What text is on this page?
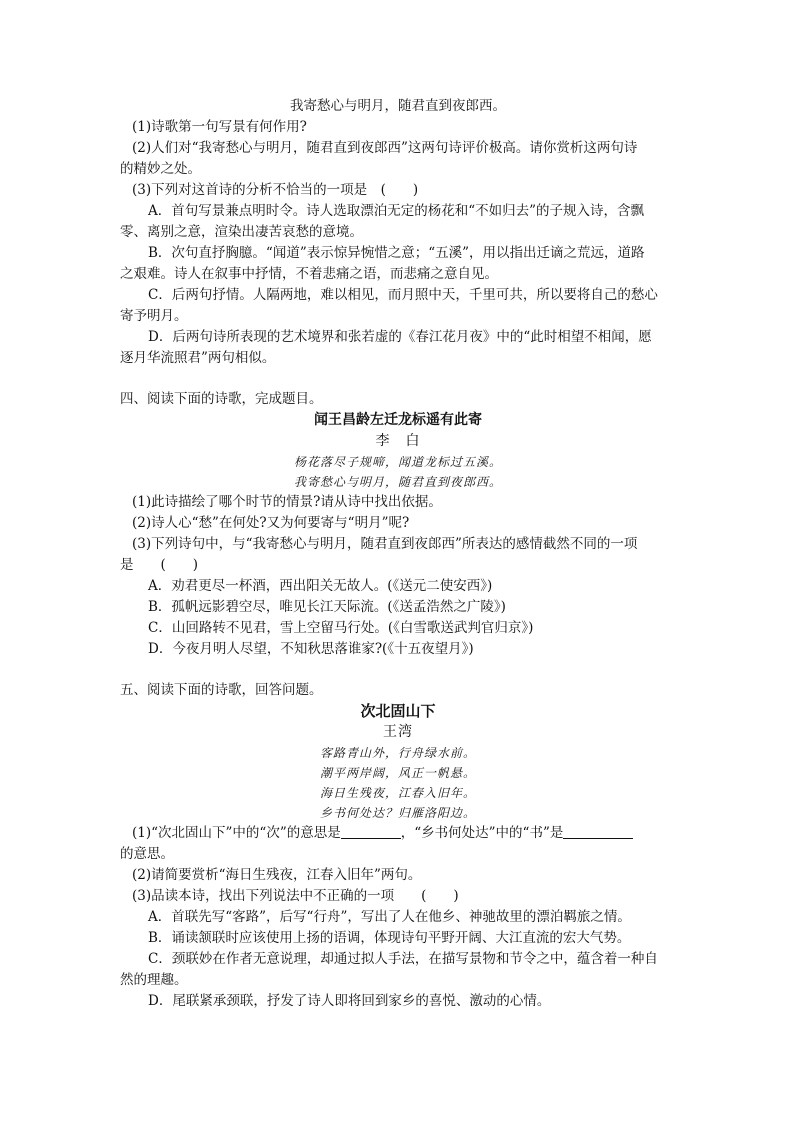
我寄愁心与明月，随君直到夜郎西。
(1)诗歌第一句写景有何作用?
(2)人们对“我寄愁心与明月，随君直到夜郎西”这两句诗评价极高。请你赏析这两句诗
的精妙之处。
(3)下列对这首诗的分析不恰当的一项是　(　　)
A．首句写景兼点明时令。诗人选取漂泊无定的杨花和“不如归去”的子规入诗，含飘
零、离别之意，渲染出凄苦哀愁的意境。
B．次句直抒胸臆。“闻道”表示惊异惋惜之意；“五溪”，用以指出迁谪之荒远，道路
之艰难。诗人在叙事中抒情，不着悲痛之语，而悲痛之意自见。
C．后两句抒情。人隔两地，难以相见，而月照中天，千里可共，所以要将自己的愁心
寄予明月。
D．后两句诗所表现的艺术境界和张若虚的《春江花月夜》中的“此时相望不相闻，愿
逐月华流照君”两句相似。
四、阅读下面的诗歌，完成题目。
闻王昌龄左迁龙标遥有此寄
李　白
杨花落尽子规啼，闻道龙标过五溪。
我寄愁心与明月，随君直到夜郎西。
(1)此诗描绘了哪个时节的情景?请从诗中找出依据。
(2)诗人心“愁”在何处?又为何要寄与“明月”呢?
(3)下列诗句中，与“我寄愁心与明月，随君直到夜郎西”所表达的感情截然不同的一项
是　　(　　)
A．劝君更尽一杯酒，西出阳关无故人。(《送元二使安西》)
B．孤帆远影碧空尽，唯见长江天际流。(《送孟浩然之广陵》)
C．山回路转不见君，雪上空留马行处。(《白雪歌送武判官归京》)
D．今夜月明人尽望，不知秋思落谁家?(《十五夜望月》)
五、阅读下面的诗歌，回答问题。
次北固山下
王湾
客路青山外，行舟绿水前。
潮平两岸阔，风正一帆悬。
海日生残夜，江春入旧年。
乡书何处达？归雁洛阳边。
(1)“次北固山下”中的“次”的意思是	，“乡书何处达”中的“书”是
的意思。
(2)请简要赏析“海日生残夜，江春入旧年”两句。
(3)品读本诗，找出下列说法中不正确的一项　　(　　)
A．首联先写“客路”，后写“行舟”，写出了人在他乡、神驰故里的漂泊羁旅之情。
B．诵读颔联时应该使用上扬的语调，体现诗句平野开阔、大江直流的宏大气势。
C．颈联妙在作者无意说理，却通过拟人手法，在描写景物和节令之中，蕴含着一种自
然的理趣。
D．尾联紧承颈联，抒发了诗人即将回到家乡的喜悦、激动的心情。
